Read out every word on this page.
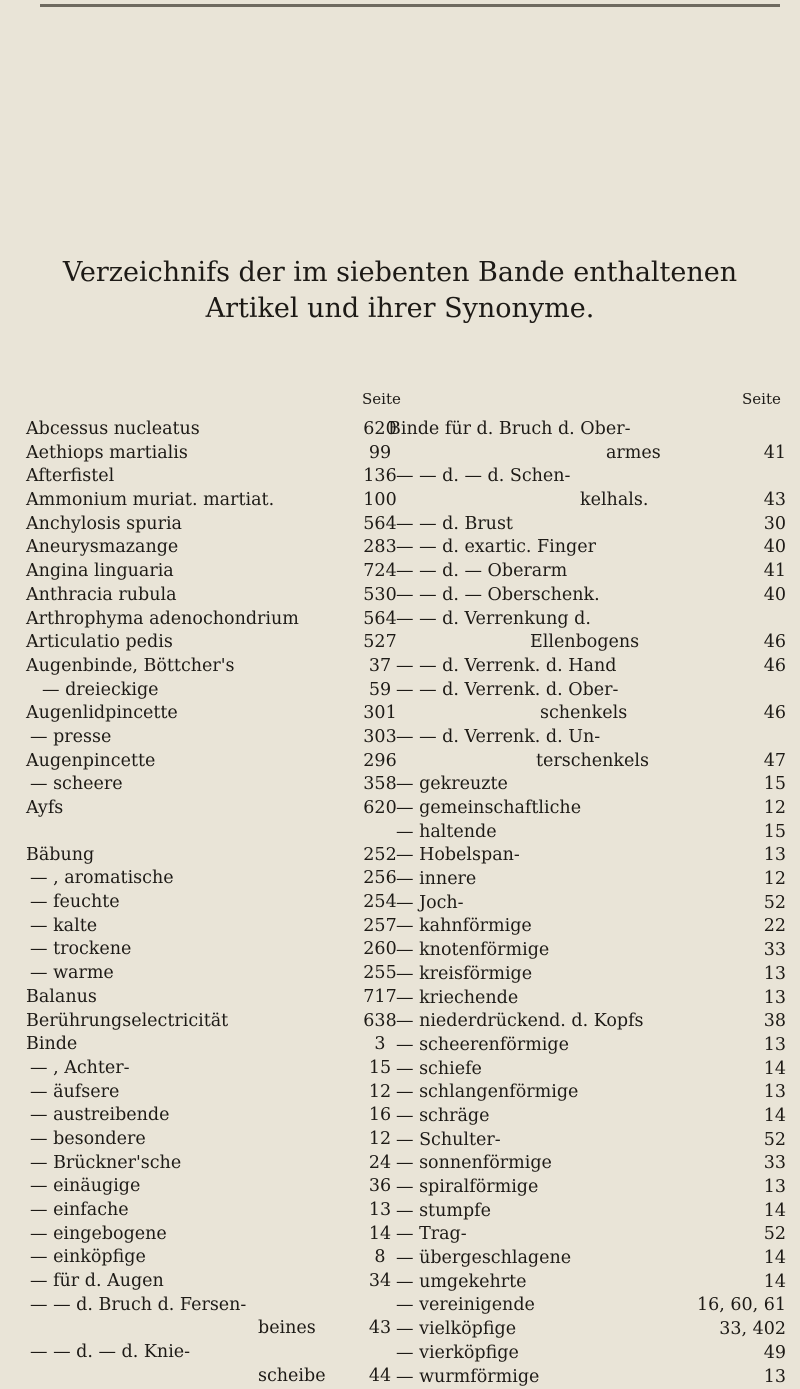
Verzeichnifs der im siebenten Bande enthaltenen
Artikel und ihrer Synonyme.
Seite	Seite
Abcessus nucleatus	620
Aethiops martialis	99
Afterfistel	136
Ammonium muriat. martiat.	100
Anchylosis spuria	564
Aneurysmazange	283
Angina linguaria	724
Anthracia rubula	530
Arthrophyma adenochondrium	564
Articulatio pedis	527
Augenbinde, Böttcher's	37
— dreieckige	59
Augenlidpincette	301
— presse	303
Augenpincette	296
— scheere	358
Ayfs	620
Bäbung	252
— , aromatische	256
— feuchte	254
— kalte	257
— trockene	260
— warme	255
Balanus	717
Berührungselectricität	638
Binde	3
— , Achter-	15
— äufsere	12
— austreibende	16
— besondere	12
— Brückner'sche	24
— einäugige	36
— einfache	13
— eingebogene	14
— einköpfige	8
— für d. Augen	34
— — d. Bruch d. Fersen-
beines	43
— — d. — d. Knie-
scheibe	44
Binde für d. Bruch d. Ober-
armes	41
— — d. — d. Schen-
kelhals.	43
— — d. Brust	30
— — d. exartic. Finger	40
— — d. — Oberarm	41
— — d. — Oberschenk.	40
— — d. Verrenkung d.
Ellenbogens	46
— — d. Verrenk. d. Hand	46
— — d. Verrenk. d. Ober-
schenkels	46
— — d. Verrenk. d. Un-
terschenkels	47
— gekreuzte	15
— gemeinschaftliche	12
— haltende	15
— Hobelspan-	13
— innere	12
— Joch-	52
— kahnförmige	22
— knotenförmige	33
— kreisförmige	13
— kriechende	13
— niederdrückend. d. Kopfs	38
— scheerenförmige	13
— schiefe	14
— schlangenförmige	13
— schräge	14
— Schulter-	52
— sonnenförmige	33
— spiralförmige	13
— stumpfe	14
— Trag-	52
— übergeschlagene	14
— umgekehrte	14
— vereinigende	16, 60, 61
— vielköpfige	33, 402
— vierköpfige	49
— wurmförmige	13
